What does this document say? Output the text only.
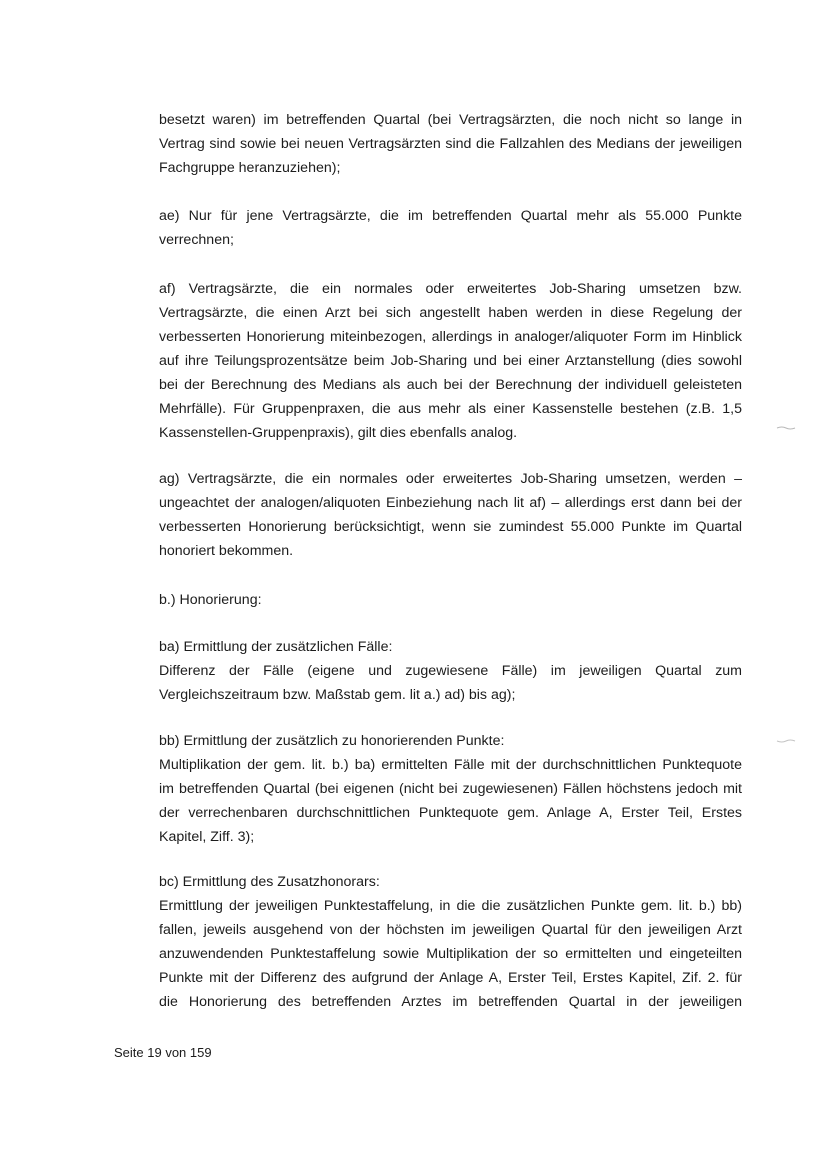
besetzt waren) im betreffenden Quartal (bei Vertragsärzten, die noch nicht so lange in
Vertrag sind sowie bei neuen Vertragsärzten sind die Fallzahlen des Medians der jeweiligen
Fachgruppe heranzuziehen);
ae) Nur für jene Vertragsärzte, die im betreffenden Quartal mehr als 55.000 Punkte
verrechnen;
af) Vertragsärzte, die ein normales oder erweitertes Job-Sharing umsetzen bzw.
Vertragsärzte, die einen Arzt bei sich angestellt haben werden in diese Regelung der
verbesserten Honorierung miteinbezogen, allerdings in analoger/aliquoter Form im Hinblick
auf ihre Teilungsprozentsätze beim Job-Sharing und bei einer Arztanstellung (dies sowohl
bei der Berechnung des Medians als auch bei der Berechnung der individuell geleisteten
Mehrfälle). Für Gruppenpraxen, die aus mehr als einer Kassenstelle bestehen (z.B. 1,5
Kassenstellen-Gruppenpraxis), gilt dies ebenfalls analog.
ag) Vertragsärzte, die ein normales oder erweitertes Job-Sharing umsetzen, werden –
ungeachtet der analogen/aliquoten Einbeziehung nach lit af) – allerdings erst dann bei der
verbesserten Honorierung berücksichtigt, wenn sie zumindest 55.000 Punkte im Quartal
honoriert bekommen.
b.) Honorierung:
ba) Ermittlung der zusätzlichen Fälle:
Differenz der Fälle (eigene und zugewiesene Fälle) im jeweiligen Quartal zum
Vergleichszeitraum bzw. Maßstab gem. lit a.) ad) bis ag);
bb) Ermittlung der zusätzlich zu honorierenden Punkte:
Multiplikation der gem. lit. b.) ba) ermittelten Fälle mit der durchschnittlichen Punktequote
im betreffenden Quartal (bei eigenen (nicht bei zugewiesenen) Fällen höchstens jedoch mit
der verrechenbaren durchschnittlichen Punktequote gem. Anlage A, Erster Teil, Erstes
Kapitel, Ziff. 3);
bc) Ermittlung des Zusatzhonorars:
Ermittlung der jeweiligen Punktestaffelung, in die die zusätzlichen Punkte gem. lit. b.) bb)
fallen, jeweils ausgehend von der höchsten im jeweiligen Quartal für den jeweiligen Arzt
anzuwendenden Punktestaffelung sowie Multiplikation der so ermittelten und eingeteilten
Punkte mit der Differenz des aufgrund der Anlage A, Erster Teil, Erstes Kapitel, Zif. 2. für
die Honorierung des betreffenden Arztes im betreffenden Quartal in der jeweiligen
Seite 19 von 159
